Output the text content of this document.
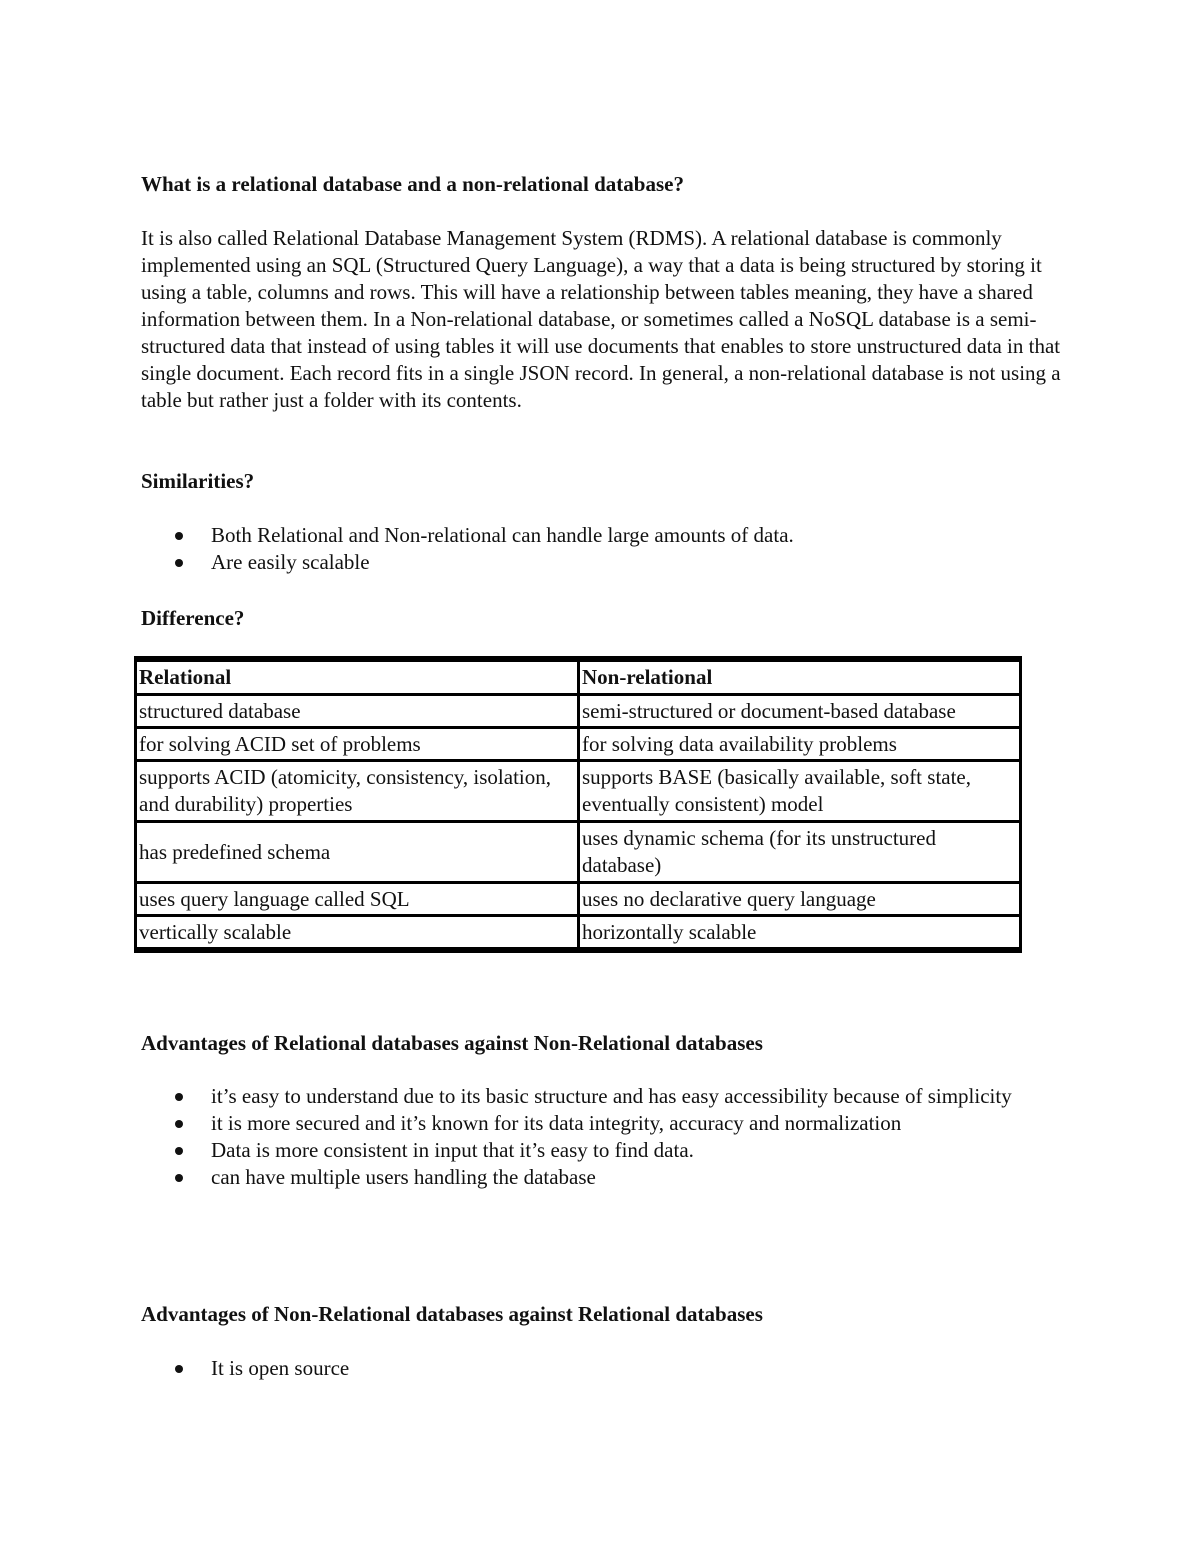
What is a relational database and a non-relational database?

It is also called Relational Database Management System (RDMS). A relational database is commonly implemented using an SQL (Structured Query Language), a way that a data is being structured by storing it using a table, columns and rows. This will have a relationship between tables meaning, they have a shared information between them. In a Non-relational database, or sometimes called a NoSQL database is a semi-structured data that instead of using tables it will use documents that enables to store unstructured data in that single document. Each record fits in a single JSON record. In general, a non-relational database is not using a table but rather just a folder with its contents.

Similarities?
Both Relational and Non-relational can handle large amounts of data.
Are easily scalable
Difference?
Relational	Non-relational
structured database	semi-structured or document-based database
for solving ACID set of problems	for solving data availability problems
supports ACID (atomicity, consistency, isolation, and durability) properties	supports BASE (basically available, soft state, eventually consistent) model
has predefined schema	uses dynamic schema (for its unstructured database)
uses query language called SQL	uses no declarative query language
vertically scalable	horizontally scalable
Advantages of Relational databases against Non-Relational databases
it’s easy to understand due to its basic structure and has easy accessibility because of simplicity
it is more secured and it’s known for its data integrity, accuracy and normalization
Data is more consistent in input that it’s easy to find data.
can have multiple users handling the database
Advantages of Non-Relational databases against Relational databases
It is open source
